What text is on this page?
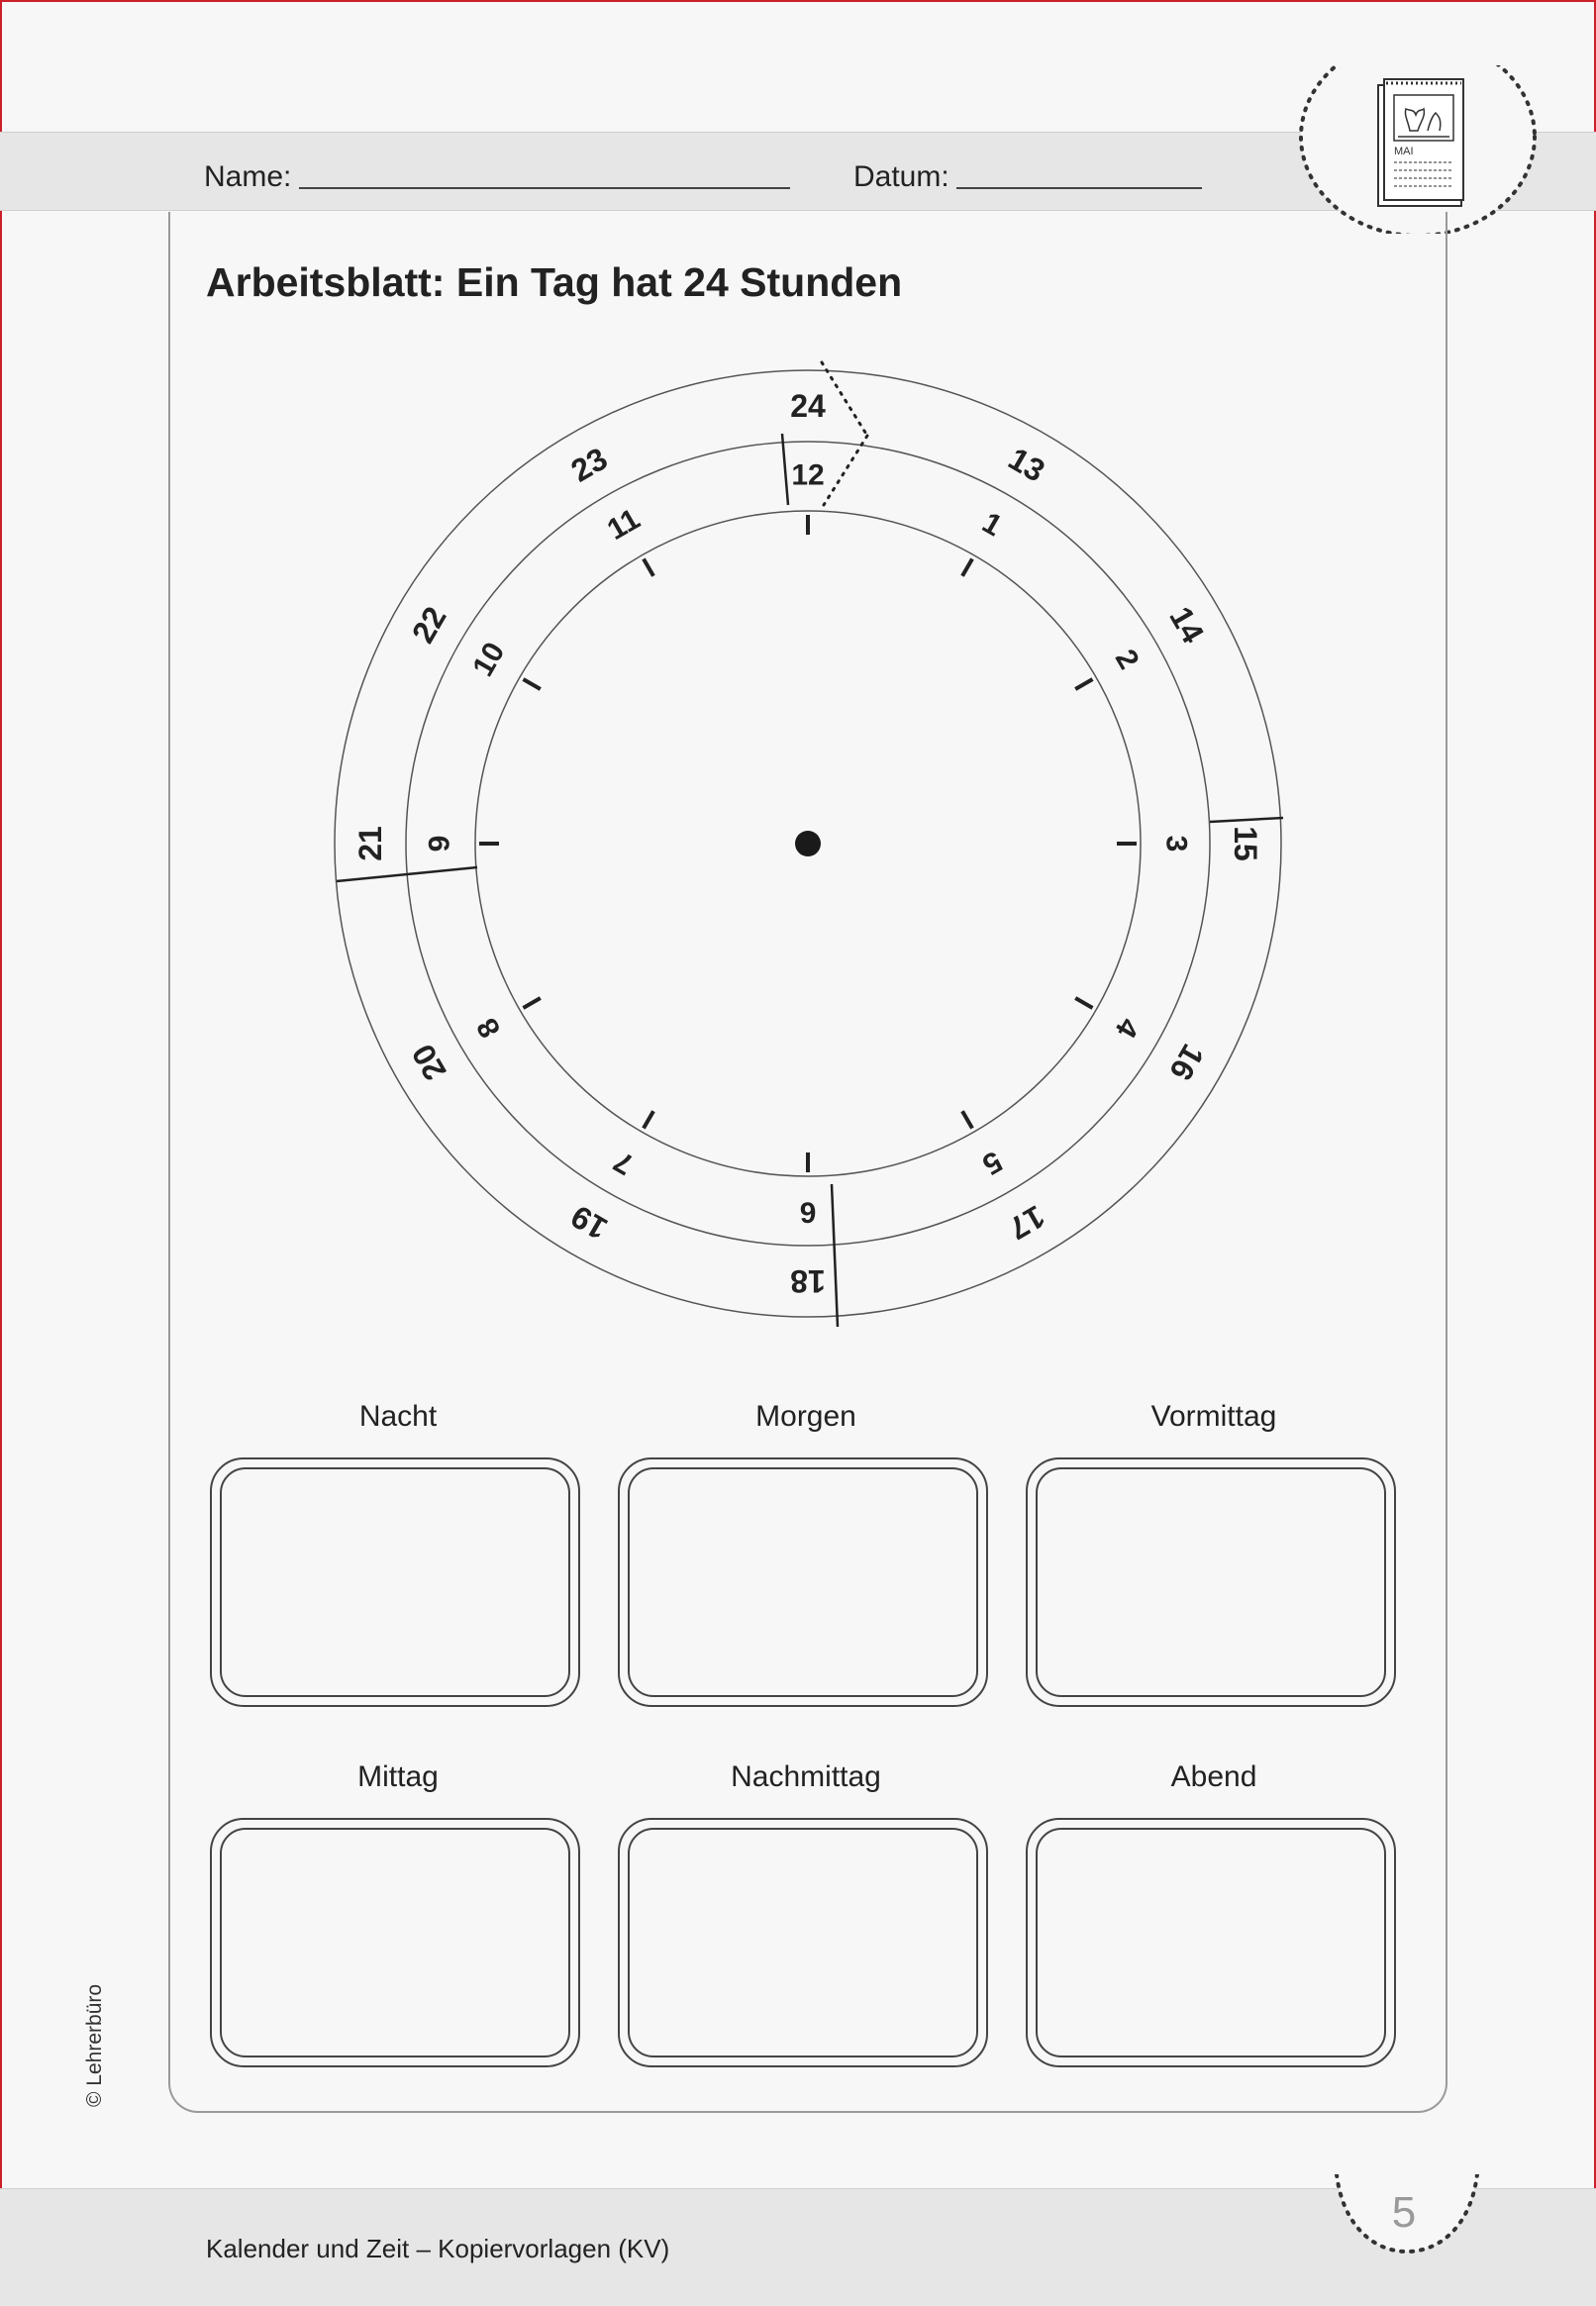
Name:	Datum:
MAI
Arbeitsblatt: Ein Tag hat 24 Stunden
12
1
2
3
4
5
6
7
8
9
10
11
24
13
14
15
16
17
18
19
20
21
22
23
Nacht	Morgen	Vormittag
Mittag	Nachmittag	Abend
© Lehrerbüro
Kalender und Zeit – Kopiervorlagen (KV)
5
